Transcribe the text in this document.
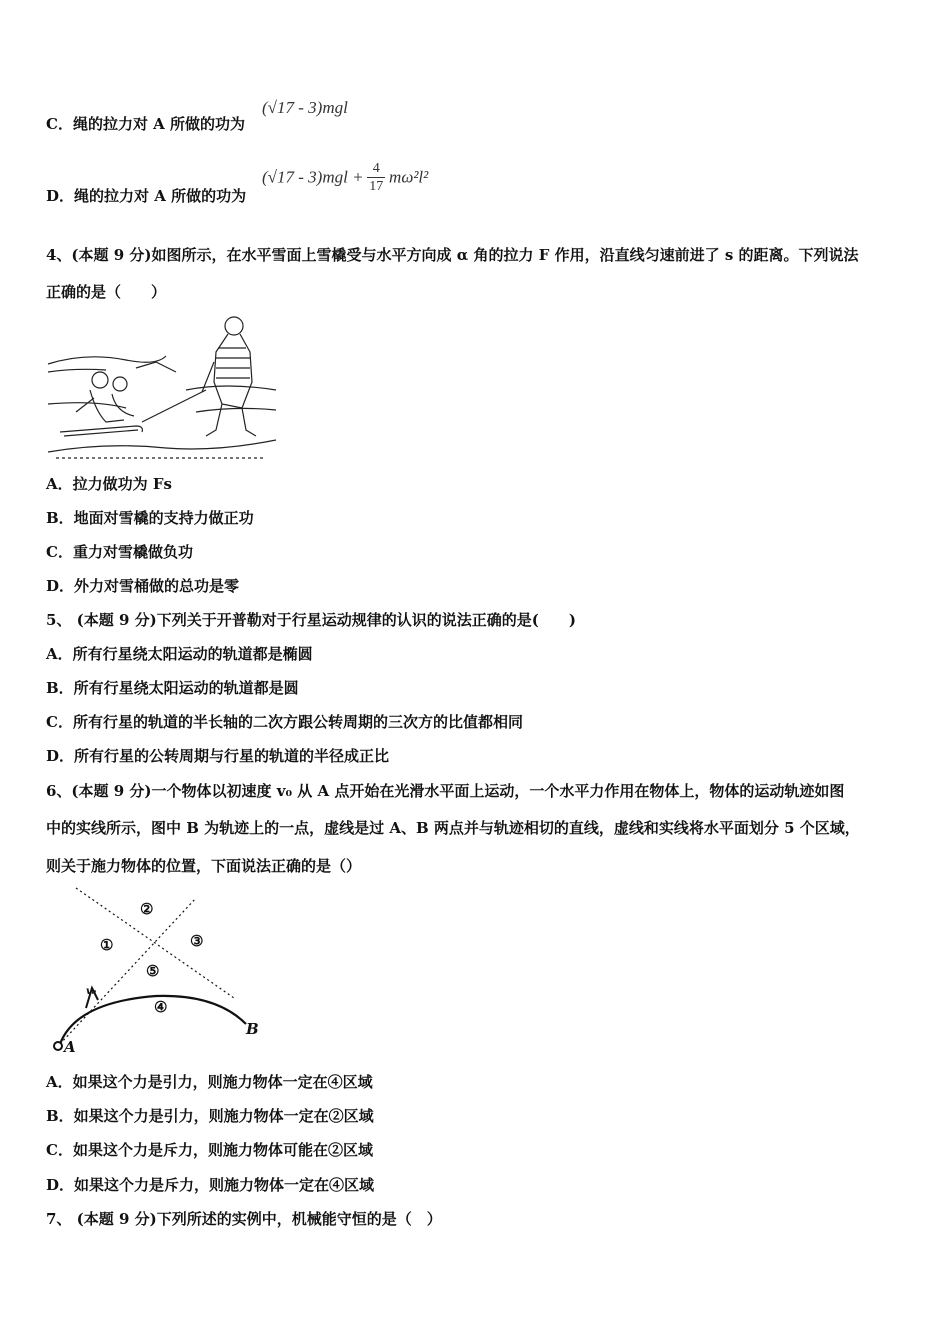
C．绳的拉力对 A 所做的功为
(√17 - 3)mgl
D．绳的拉力对 A 所做的功为
$(√17 - 3)mgl + \frac{4}{17} m\omega^2l^2$
4、(本题 9 分)如图所示，在水平雪面上雪橇受与水平方向成 α 角的拉力 F 作用，沿直线匀速前进了 s 的距离。下列说法
正确的是（　　）
A．拉力做功为 Fs
B．地面对雪橇的支持力做正功
C．重力对雪橇做负功
D．外力对雪桶做的总功是零
5、 (本题 9 分)下列关于开普勒对于行星运动规律的认识的说法正确的是(　　)
A．所有行星绕太阳运动的轨道都是椭圆
B．所有行星绕太阳运动的轨道都是圆
C．所有行星的轨道的半长轴的二次方跟公转周期的三次方的比值都相同
D．所有行星的公转周期与行星的轨道的半径成正比
6、(本题 9 分)一个物体以初速度 v₀ 从 A 点开始在光滑水平面上运动，一个水平力作用在物体上，物体的运动轨迹如图
中的实线所示，图中 B 为轨迹上的一点，虚线是过 A、B 两点并与轨迹相切的直线，虚线和实线将水平面划分 5 个区域，
则关于施力物体的位置，下面说法正确的是（）
①
②
③
④
⑤
A
B
v₀
A．如果这个力是引力，则施力物体一定在④区域
B．如果这个力是引力，则施力物体一定在②区域
C．如果这个力是斥力，则施力物体可能在②区域
D．如果这个力是斥力，则施力物体一定在④区域
7、 (本题 9 分)下列所述的实例中，机械能守恒的是（　）
